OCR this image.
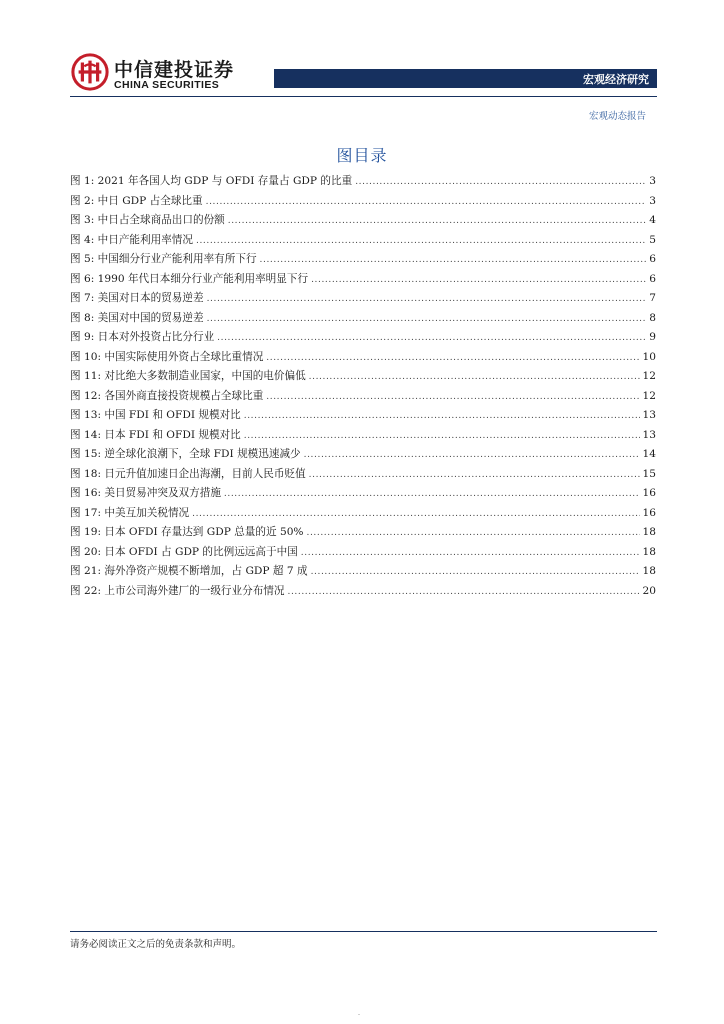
中信建投证券
CHINA SECURITIES	宏观经济研究
宏观动态报告
图目录
图 1: 2021 年各国人均 GDP 与 OFDI 存量占 GDP 的比重 .....	3
图 2: 中日 GDP 占全球比重 .....	3
图 3: 中日占全球商品出口的份额 .....	4
图 4: 中日产能利用率情况 .....	5
图 5: 中国细分行业产能利用率有所下行 .....	6
图 6: 1990 年代日本细分行业产能利用率明显下行 .....	6
图 7: 美国对日本的贸易逆差 .....	7
图 8: 美国对中国的贸易逆差 .....	8
图 9: 日本对外投资占比分行业 .....	9
图 10: 中国实际使用外资占全球比重情况 .....	10
图 11: 对比绝大多数制造业国家，中国的电价偏低 .....	12
图 12: 各国外商直接投资规模占全球比重 .....	12
图 13: 中国 FDI 和 OFDI 规模对比 .....	13
图 14: 日本 FDI 和 OFDI 规模对比 .....	13
图 15: 逆全球化浪潮下，全球 FDI 规模迅速减少 .....	14
图 18: 日元升值加速日企出海潮，目前人民币贬值 .....	15
图 16: 美日贸易冲突及双方措施 .....	16
图 17: 中美互加关税情况 .....	16
图 19: 日本 OFDI 存量达到 GDP 总量的近 50% .....	18
图 20: 日本 OFDI 占 GDP 的比例远远高于中国 .....	18
图 21: 海外净资产规模不断增加，占 GDP 超 7 成 .....	18
图 22: 上市公司海外建厂的一级行业分布情况 .....	20
请务必阅读正文之后的免责条款和声明。
-
